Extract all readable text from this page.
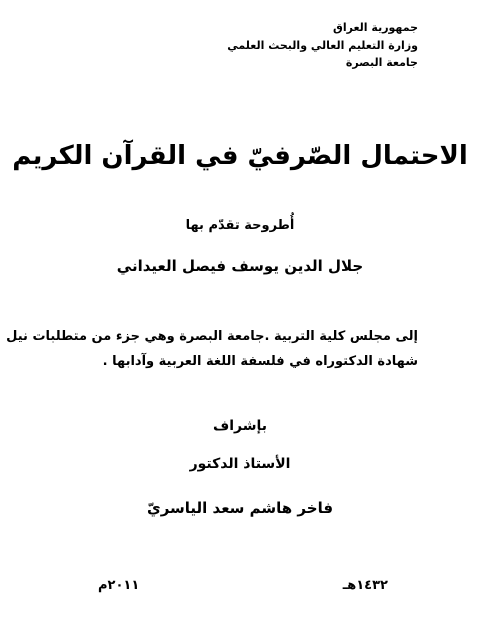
جمهورية العراق
وزارة التعليم العالي والبحث العلمي
جامعة البصرة
الاحتمال الصّرفيّ في القرآن الكريم
أُطروحة تقدّم بها
جلال الدين يوسف فيصل العيداني
إلى مجلس كلية التربية .جامعة البصرة وهي جزء من متطلبات نيل
شهادة الدكتوراه في فلسفة اللغة العربية وآدابها .
بإشراف
الأستاذ الدكتور
فاخر هاشم سعد الياسريّ
١٤٣٢هـ
٢٠١١م
